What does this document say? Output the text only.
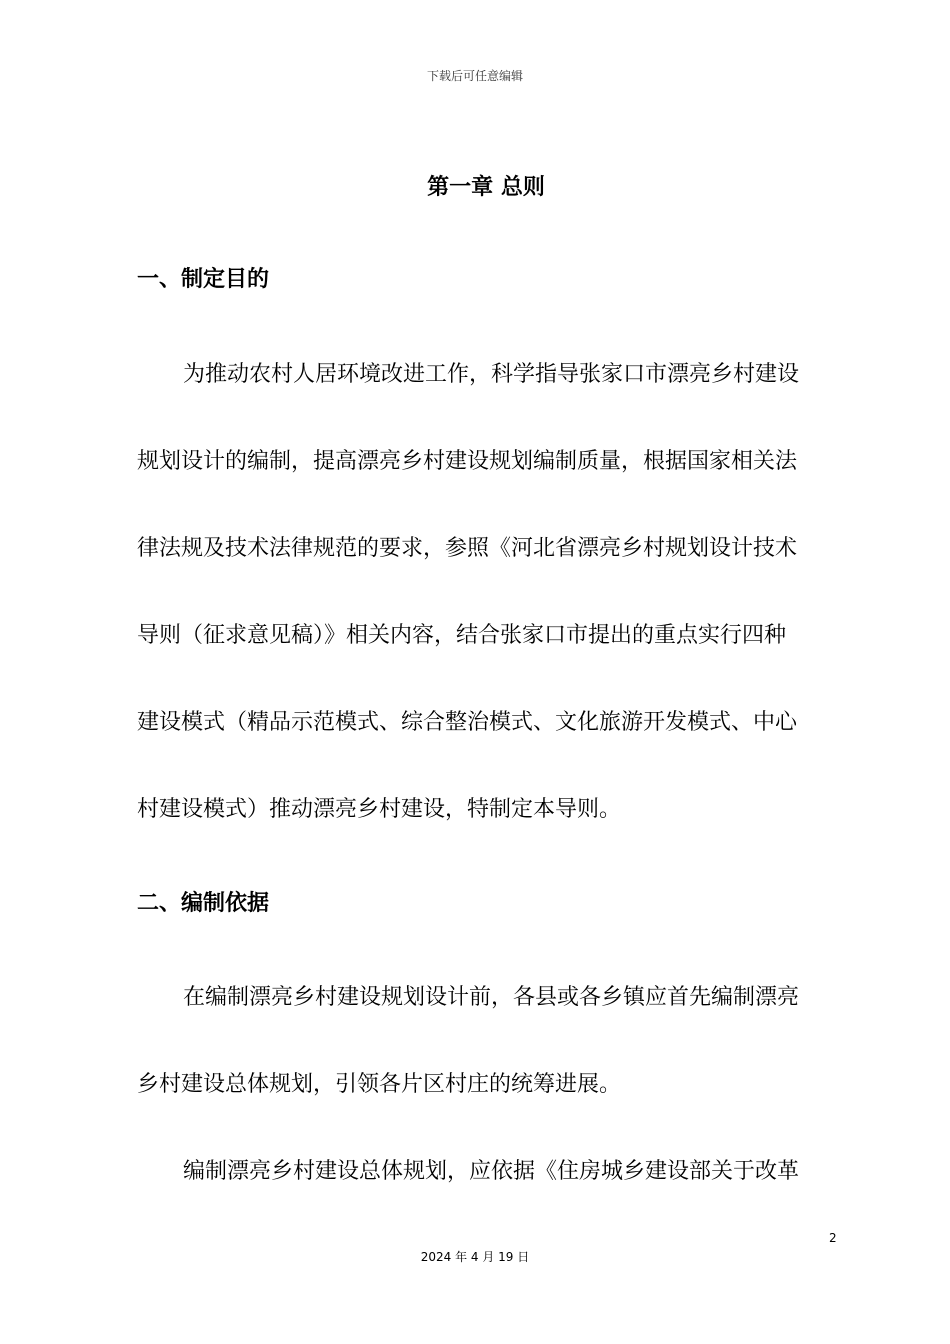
下载后可任意编辑
第一章 总则
一、制定目的
为推动农村人居环境改进工作，科学指导张家口市漂亮乡村建设
规划设计的编制，提高漂亮乡村建设规划编制质量，根据国家相关法
律法规及技术法律规范的要求，参照《河北省漂亮乡村规划设计技术
导则（征求意见稿）》相关内容，结合张家口市提出的重点实行四种
建设模式（精品示范模式、综合整治模式、文化旅游开发模式、中心
村建设模式）推动漂亮乡村建设，特制定本导则。
二、编制依据
在编制漂亮乡村建设规划设计前，各县或各乡镇应首先编制漂亮
乡村建设总体规划，引领各片区村庄的统筹进展。
编制漂亮乡村建设总体规划，应依据《住房城乡建设部关于改革
2
2024 年 4 月 19 日
